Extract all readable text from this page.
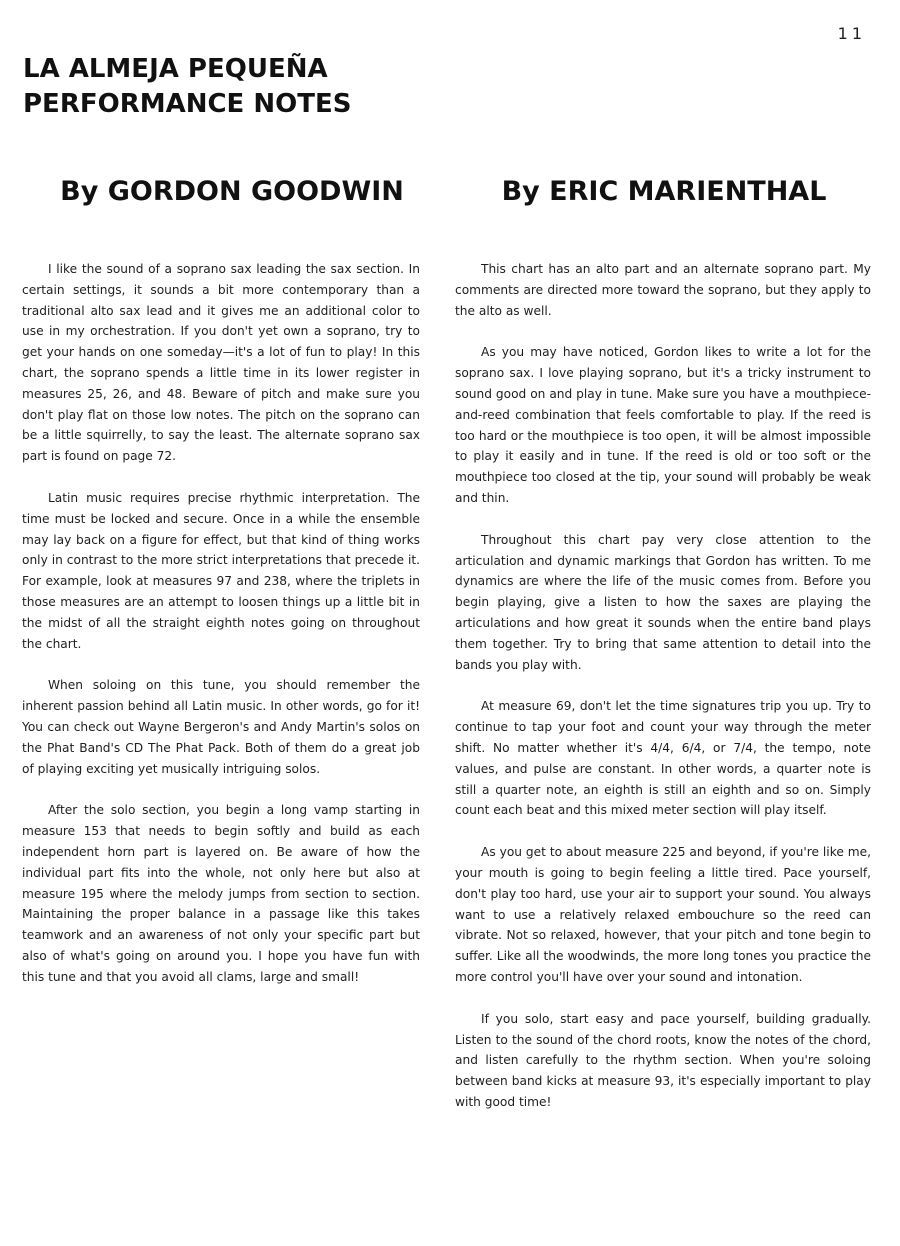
11
LA ALMEJA PEQUEÑA
PERFORMANCE NOTES
By GORDON GOODWIN

I like the sound of a soprano sax leading the sax section. In certain settings, it sounds a bit more contemporary than a traditional alto sax lead and it gives me an additional color to use in my orchestration. If you don't yet own a soprano, try to get your hands on one someday—it's a lot of fun to play! In this chart, the soprano spends a little time in its lower register in measures 25, 26, and 48. Beware of pitch and make sure you don't play flat on those low notes. The pitch on the soprano can be a little squirrelly, to say the least. The alternate soprano sax part is found on page 72.

Latin music requires precise rhythmic interpretation. The time must be locked and secure. Once in a while the ensemble may lay back on a figure for effect, but that kind of thing works only in contrast to the more strict interpretations that precede it. For example, look at measures 97 and 238, where the triplets in those measures are an attempt to loosen things up a little bit in the midst of all the straight eighth notes going on throughout the chart.

When soloing on this tune, you should remember the inherent passion behind all Latin music. In other words, go for it! You can check out Wayne Bergeron's and Andy Martin's solos on the Phat Band's CD The Phat Pack. Both of them do a great job of playing exciting yet musically intriguing solos.

After the solo section, you begin a long vamp starting in measure 153 that needs to begin softly and build as each independent horn part is layered on. Be aware of how the individual part fits into the whole, not only here but also at measure 195 where the melody jumps from section to section. Maintaining the proper balance in a passage like this takes teamwork and an awareness of not only your specific part but also of what's going on around you. I hope you have fun with this tune and that you avoid all clams, large and small!

By ERIC MARIENTHAL

This chart has an alto part and an alternate soprano part. My comments are directed more toward the soprano, but they apply to the alto as well.

As you may have noticed, Gordon likes to write a lot for the soprano sax. I love playing soprano, but it's a tricky instrument to sound good on and play in tune. Make sure you have a mouthpiece-and-reed combination that feels comfortable to play. If the reed is too hard or the mouthpiece is too open, it will be almost impossible to play it easily and in tune. If the reed is old or too soft or the mouthpiece too closed at the tip, your sound will probably be weak and thin.

Throughout this chart pay very close attention to the articulation and dynamic markings that Gordon has written. To me dynamics are where the life of the music comes from. Before you begin playing, give a listen to how the saxes are playing the articulations and how great it sounds when the entire band plays them together. Try to bring that same attention to detail into the bands you play with.

At measure 69, don't let the time signatures trip you up. Try to continue to tap your foot and count your way through the meter shift. No matter whether it's 4/4, 6/4, or 7/4, the tempo, note values, and pulse are constant. In other words, a quarter note is still a quarter note, an eighth is still an eighth and so on. Simply count each beat and this mixed meter section will play itself.

As you get to about measure 225 and beyond, if you're like me, your mouth is going to begin feeling a little tired. Pace yourself, don't play too hard, use your air to support your sound. You always want to use a relatively relaxed embouchure so the reed can vibrate. Not so relaxed, however, that your pitch and tone begin to suffer. Like all the woodwinds, the more long tones you practice the more control you'll have over your sound and intonation.

If you solo, start easy and pace yourself, building gradually. Listen to the sound of the chord roots, know the notes of the chord, and listen carefully to the rhythm section. When you're soloing between band kicks at measure 93, it's especially important to play with good time!
